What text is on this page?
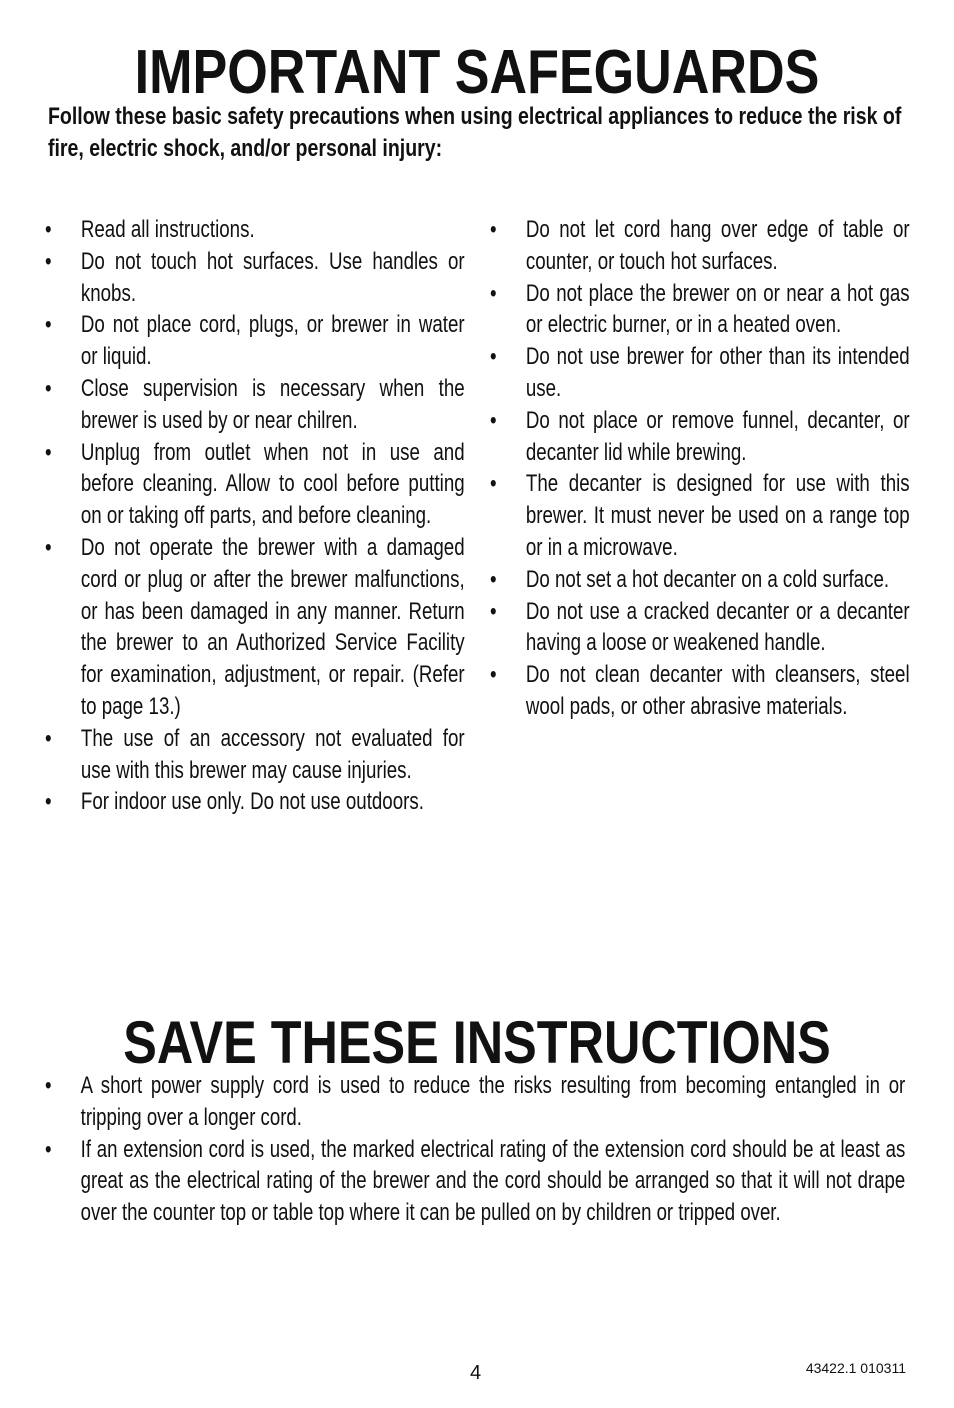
IMPORTANT SAFEGUARDS

Follow these basic safety precautions when using electrical appliances to reduce the risk of fire, electric shock, and/or personal injury:

•	Read all instructions.
•	Do not touch hot surfaces. Use handles or knobs.
•	Do not place cord, plugs, or brewer in water or liquid.
•	Close supervision is necessary when the brewer is used by or near chilren.
•	Unplug from outlet when not in use and before cleaning. Allow to cool before putting on or taking off parts, and before cleaning.
•	Do not operate the brewer with a damaged cord or plug or after the brewer malfunctions, or has been damaged in any manner. Return the brewer to an Authorized Service Facility for examination, adjustment, or repair. (Refer to page 13.)
•	The use of an accessory not evaluated for use with this brewer may cause injuries.
•	For indoor use only. Do not use outdoors.
•	Do not let cord hang over edge of table or counter, or touch hot surfaces.
•	Do not place the brewer on or near a hot gas or electric burner, or in a heated oven.
•	Do not use brewer for other than its intended use.
•	Do not place or remove funnel, decanter, or decanter lid while brewing.
•	The decanter is designed for use with this brewer. It must never be used on a range top or in a microwave.
•	Do not set a hot decanter on a cold surface.
•	Do not use a cracked decanter or a decanter having a loose or weakened handle.
•	Do not clean decanter with cleansers, steel wool pads, or other abrasive materials.
SAVE THESE INSTRUCTIONS
•	A short power supply cord is used to reduce the risks resulting from becoming entangled in or tripping over a longer cord.
•	If an extension cord is used, the marked electrical rating of the extension cord should be at least as great as the electrical rating of the brewer and the cord should be arranged so that it will not drape over the counter top or table top where it can be pulled on by children or tripped over.
4	43422.1 010311
